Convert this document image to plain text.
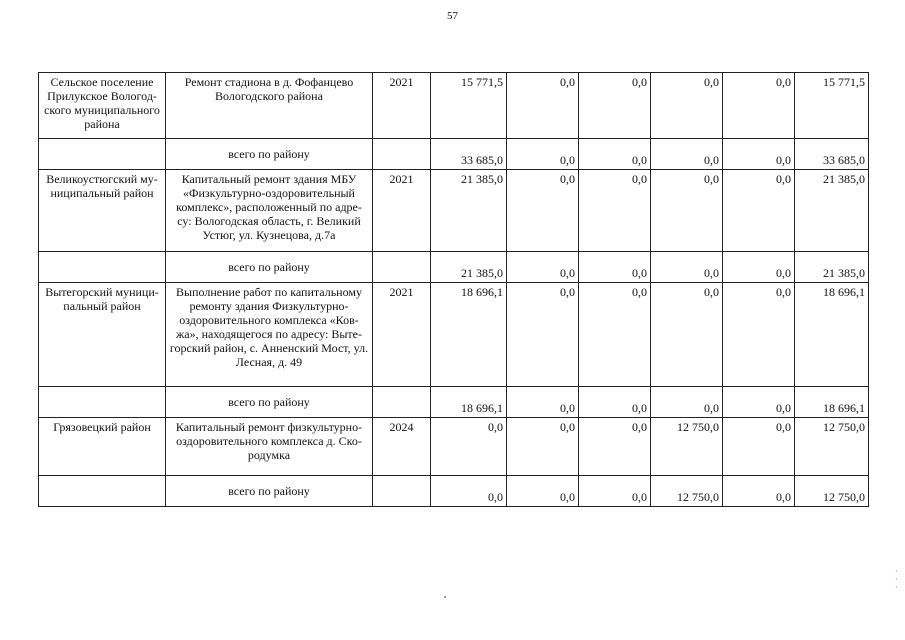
57
Сельское поселение Прилукское Вологод-ского муниципального района	Ремонт стадиона в д. Фофанцево Вологодского района	2021	15 771,5	0,0	0,0	0,0	0,0	15 771,5
	всего по району		33 685,0	0,0	0,0	0,0	0,0	33 685,0
Великоустюгский му-ниципальный район	Капитальный ремонт здания МБУ «Физкультурно-оздоровительный комплекс», расположенный по адре-су: Вологодская область, г. Великий Устюг, ул. Кузнецова, д.7а	2021	21 385,0	0,0	0,0	0,0	0,0	21 385,0
	всего по району		21 385,0	0,0	0,0	0,0	0,0	21 385,0
Вытегорский муници-пальный район	Выполнение работ по капитальному ремонту здания Физкультурно-оздоровительного комплекса «Ков-жа», находящегося по адресу: Выте-горский район, с. Анненский Мост, ул. Лесная, д. 49	2021	18 696,1	0,0	0,0	0,0	0,0	18 696,1
	всего по району		18 696,1	0,0	0,0	0,0	0,0	18 696,1
Грязовецкий район	Капитальный ремонт физкультурно-оздоровительного комплекса д. Ско-родумка	2024	0,0	0,0	0,0	12 750,0	0,0	12 750,0
	всего по району		0,0	0,0	0,0	12 750,0	0,0	12 750,0
·
·
·
